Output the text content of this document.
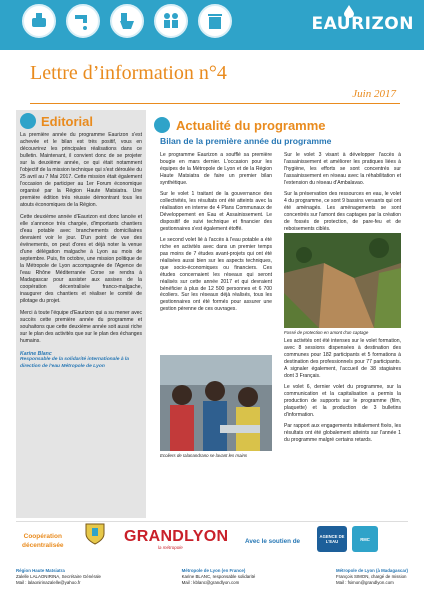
EAURIZON
Lettre d’information n°4
Juin 2017
Editorial

La première année du programme Eaurizon s'est achevée et le bilan est très positif, vous en découvrirez les principales réalisations dans ce bulletin. Maintenant, il convient donc de se projeter sur la deuxième année, ce qui était notamment l'objectif de la mission technique qui s'est déroulée du 25 avril au 7 Mai 2017. Cette mission était également l'occasion de participer au 1er Forum économique organisé par la Région Haute Matsiatra. Une première édition très réussie démontrant tous les atouts économiques de la Région.

Cette deuxième année d'Eaurizon est donc lancée et elle s'annonce très chargée, d'importants chantiers d'eau potable avec branchements domiciliaires devraient voir le jour. D'un point de vue des événements, on peut d'ores et déjà noter la venue d'une délégation malgache à Lyon au mois de septembre. Puis, fin octobre, une mission politique de la Métropole de Lyon accompagnée de l'Agence de l'eau Rhône Méditerranée Corse se rendra à Madagascar pour assister aux assises de la coopération décentralisée franco-malgache, inaugurer des chantiers et réaliser le comité de pilotage du projet.

Merci à toute l'équipe d'Eaurizon qui a su mener avec succès cette première année du programme et souhaitons que cette deuxième année soit aussi riche sur le plan des activités que sur le plan des échanges humains.

Karine Blanc
Responsable de la solidarité internationale à la direction de l'eau Métropole de Lyon
Actualité du programme
Bilan de la première année du programme

Le programme Eaurizon a soufflé sa première bougie en mars dernier. L'occasion pour les équipes de la Métropole de Lyon et de la Région Haute Matsiatra de faire un premier bilan synthétique.

Sur le volet 1 traitant de la gouvernance des collectivités, les résultats ont été atteints avec la réalisation en interne de 4 Plans Communaux de Développement en Eau et Assainissement. Le dispositif de suivi technique et financier des gestionnaires s'est également étoffé.

Le second volet lié à l'accès à l'eau potable a été riche en activités avec dans un premier temps pas moins de 7 études avant-projets qui ont été réalisées aussi bien sur les aspects techniques, que socio-économiques ou financiers. Ces études concernaient les réseaux qui seront réalisés sur cette année 2017 et qui devraient bénéficier à plus de 12 500 personnes et 6 700 écoliers. Sur les réseaux déjà réalisés, tous les gestionnaires ont été formés pour assurer une gestion pérenne de ces ouvrages.

Sur le volet 3 visant à développer l'accès à l'assainissement et améliorer les pratiques liées à l'hygiène, les efforts se sont concentrés sur l'assainissement en réseau avec la réhabilitation et l'extension du réseau d'Ambalavao.

Sur la préservation des ressources en eau, le volet 4 du programme, ce sont 9 bassins versants qui ont été aménagés. Les aménagements se sont concentrés sur l'amont des captages par la création de fossés de protection, de pare-feu et de reboisements ciblés.

Fossé de protection en amont d'un captage
Ecoliers de Ialanandrano se lavant les mains

Les activités ont été intenses sur le volet formation, avec 8 sessions dispensées à destination des communes pour 182 participants et 5 formations à destination des professionnels pour 77 participants. A signaler également, l'accueil de 38 stagiaires dont 3 Français.

Le volet 6, dernier volet du programme, sur la communication et la capitalisation a permis la production de supports sur le programme (film, plaquette) et la production de 3 bulletins d'information.

Par rapport aux engagements initialement fixés, les résultats ont été globalement atteints sur l'année 1 du programme malgré certains retards.

Coopération
décentralisée	GRANDLYON
la métropole
Avec le soutien de
AGENCE DE L'EAU	RMC
Région Haute Matsiatra
Zalelle LALAONIRINA, Secrétaire Générale
Mail : lalaonirinazalelle@yahoo.fr
Métropole de Lyon (en France)
Karine BLANC, responsable solidarité
Mail : kblanc@grandlyon.com
Métropole de Lyon (à Madagascar)
François SIMON, chargé de mission
Mail : fsimon@grandlyon.com
